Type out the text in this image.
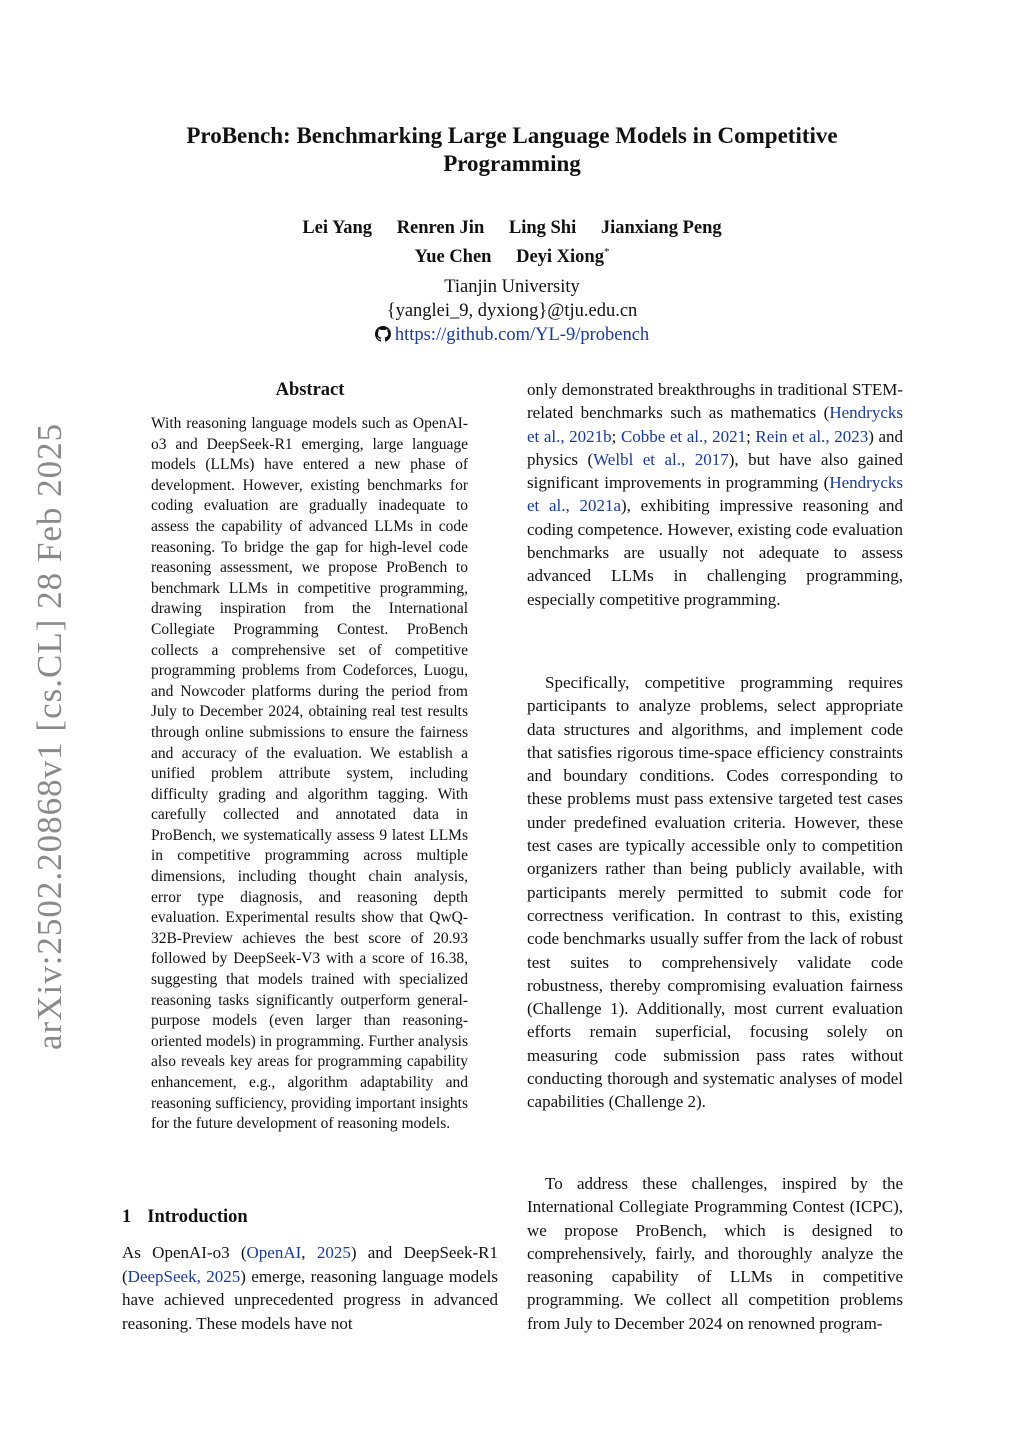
arXiv:2502.20868v1 [cs.CL] 28 Feb 2025
ProBench: Benchmarking Large Language Models in Competitive
Programming
Lei Yang Renren Jin Ling Shi Jianxiang Peng
Yue Chen Deyi Xiong*
Tianjin University
{yanglei_9, dyxiong}@tju.edu.cn
https://github.com/YL-9/probench
Abstract
With reasoning language models such as OpenAI-o3 and DeepSeek-R1 emerging, large language models (LLMs) have entered a new phase of development. However, existing benchmarks for coding evaluation are gradually inadequate to assess the capability of advanced LLMs in code reasoning. To bridge the gap for high-level code reasoning assessment, we propose ProBench to benchmark LLMs in competitive programming, drawing inspiration from the International Collegiate Programming Contest. ProBench collects a comprehensive set of competitive programming problems from Codeforces, Luogu, and Nowcoder platforms during the period from July to December 2024, obtaining real test results through online submissions to ensure the fairness and accuracy of the evaluation. We establish a unified problem attribute system, including difficulty grading and algorithm tagging. With carefully collected and annotated data in ProBench, we systematically assess 9 latest LLMs in competitive programming across multiple dimensions, including thought chain analysis, error type diagnosis, and reasoning depth evaluation. Experimental results show that QwQ-32B-Preview achieves the best score of 20.93 followed by DeepSeek-V3 with a score of 16.38, suggesting that models trained with specialized reasoning tasks significantly outperform general-purpose models (even larger than reasoning-oriented models) in programming. Further analysis also reveals key areas for programming capability enhancement, e.g., algorithm adaptability and reasoning sufficiency, providing important insights for the future development of reasoning models.
1 Introduction
As OpenAI-o3 (OpenAI, 2025) and DeepSeek-R1 (DeepSeek, 2025) emerge, reasoning language models have achieved unprecedented progress in advanced reasoning. These models have not
only demonstrated breakthroughs in traditional STEM-related benchmarks such as mathematics (Hendrycks et al., 2021b; Cobbe et al., 2021; Rein et al., 2023) and physics (Welbl et al., 2017), but have also gained significant improvements in programming (Hendrycks et al., 2021a), exhibiting impressive reasoning and coding competence. However, existing code evaluation benchmarks are usually not adequate to assess advanced LLMs in challenging programming, especially competitive programming.
Specifically, competitive programming requires participants to analyze problems, select appropriate data structures and algorithms, and implement code that satisfies rigorous time-space efficiency constraints and boundary conditions. Codes corresponding to these problems must pass extensive targeted test cases under predefined evaluation criteria. However, these test cases are typically accessible only to competition organizers rather than being publicly available, with participants merely permitted to submit code for correctness verification. In contrast to this, existing code benchmarks usually suffer from the lack of robust test suites to comprehensively validate code robustness, thereby compromising evaluation fairness (Challenge 1). Additionally, most current evaluation efforts remain superficial, focusing solely on measuring code submission pass rates without conducting thorough and systematic analyses of model capabilities (Challenge 2).
To address these challenges, inspired by the International Collegiate Programming Contest (ICPC), we propose ProBench, which is designed to comprehensively, fairly, and thoroughly analyze the reasoning capability of LLMs in competitive programming. We collect all competition problems from July to December 2024 on renowned program-
